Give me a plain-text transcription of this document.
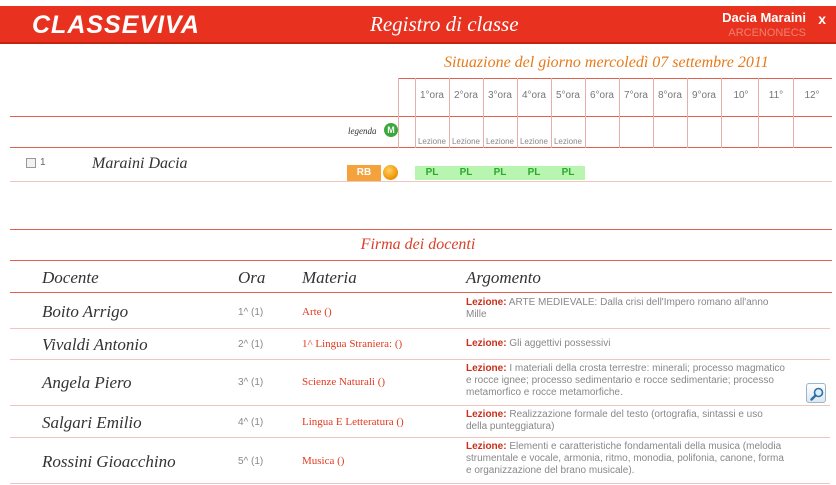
CLASSEVIVA	Registro di classe	Dacia Maraini
ARCENONECS
x
Situazione del giorno mercoledì 07 settembre 2011
1°ora 2°ora 3°ora 4°ora 5°ora 6°ora 7°ora 8°ora 9°ora	10°	11°	12°
Lezione Lezione Lezione Lezione Lezione
legenda	M
1	Maraini Dacia
RB	PL	PL	PL	PL	PL
Firma dei docenti
Docente	Ora Materia	Argomento
Boito Arrigo	1^ (1)	Arte ()
Lezione: ARTE MEDIEVALE: Dalla crisi dell'Impero romano all'anno Mille
Vivaldi Antonio	2^ (1)	1^ Lingua Straniera: ()	Lezione: Gli aggettivi possessivi
Angela Piero	3^ (1)	Scienze Naturali ()
Lezione: I materiali della crosta terrestre: minerali; processo magmatico e rocce ignee; processo sedimentario e rocce sedimentarie; processo metamorfico e rocce metamorfiche.
Salgari Emilio	4^ (1)	Lingua E Letteratura ()
Lezione: Realizzazione formale del testo (ortografia, sintassi e uso della punteggiatura)
Rossini Gioacchino	5^ (1)	Musica ()
Lezione: Elementi e caratteristiche fondamentali della musica (melodia strumentale e vocale, armonia, ritmo, monodia, polifonia, canone, forma e organizzazione del brano musicale).
